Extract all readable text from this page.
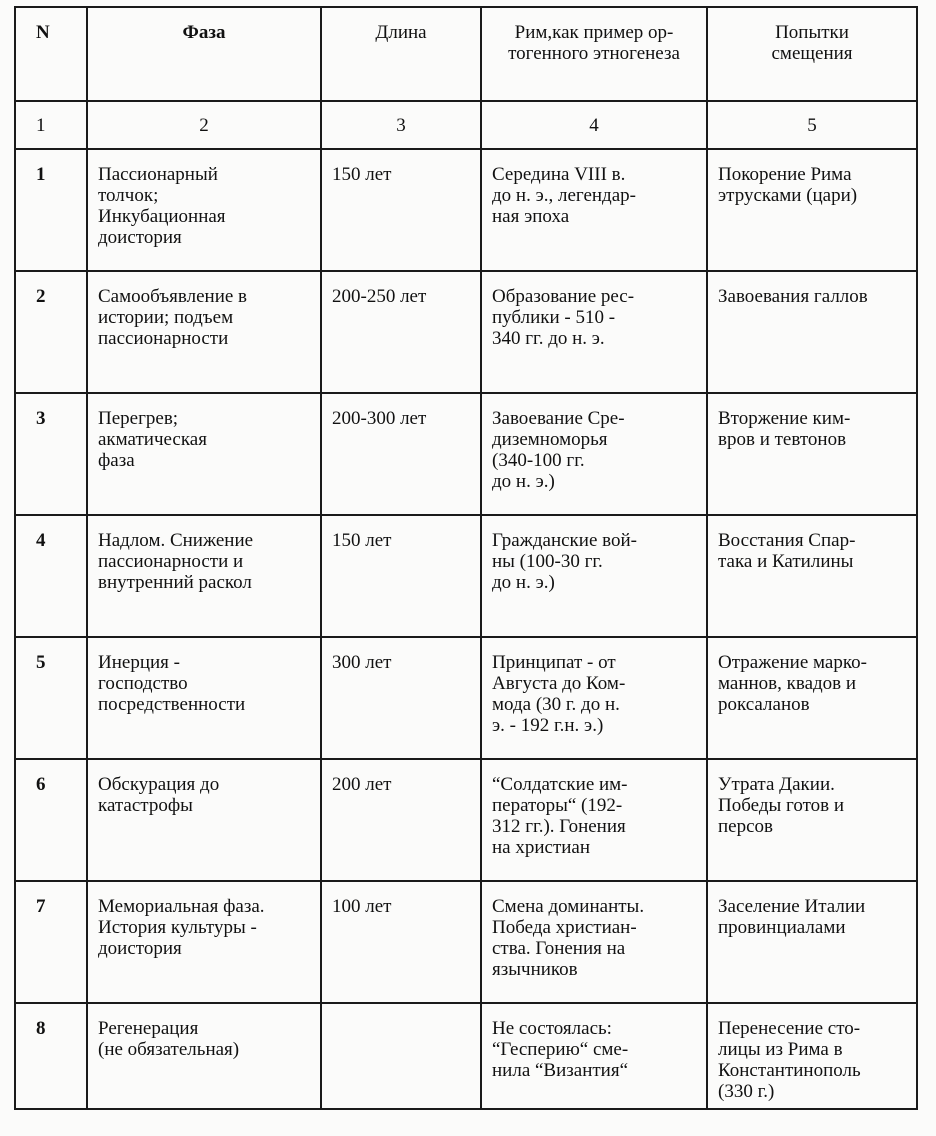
N	Фаза	Длина	Рим,как пример ор-
тогенного этногенеза	Попытки
смещения
1	2	3	4	5
1	Пассионарный
толчок;
Инкубационная
доистория	150 лет	Середина VIII в.
до н. э., легендар-
ная эпоха	Покорение Рима
этрусками (цари)
2	Самообъявление в
истории; подъем
пассионарности	200-250 лет	Образование рес-
публики - 510 -
340 гг. до н. э.	Завоевания галлов
3	Перегрев;
акматическая
фаза	200-300 лет	Завоевание Сре-
диземноморья
(340-100 гг.
до н. э.)	Вторжение ким-
вров и тевтонов
4	Надлом. Снижение
пассионарности и
внутренний раскол	150 лет	Гражданские вой-
ны (100-30 гг.
до н. э.)	Восстания Спар-
така и Катилины
5	Инерция -
господство
посредственности	300 лет	Принципат - от
Августа до Ком-
мода (30 г. до н.
э. - 192 г.н. э.)	Отражение марко-
маннов, квадов и
роксаланов
6	Обскурация до
катастрофы	200 лет	“Солдатские им-
ператоры“ (192-
312 гг.). Гонения
на христиан	Утрата Дакии.
Победы готов и
персов
7	Мемориальная фаза.
История культуры -
доистория	100 лет	Смена доминанты.
Победа христиан-
ства. Гонения на
язычников	Заселение Италии
провинциалами
8	Регенерация
(не обязательная)		Не состоялась:
“Гесперию“ сме-
нила “Византия“	Перенесение сто-
лицы из Рима в
Константинополь
(330 г.)
